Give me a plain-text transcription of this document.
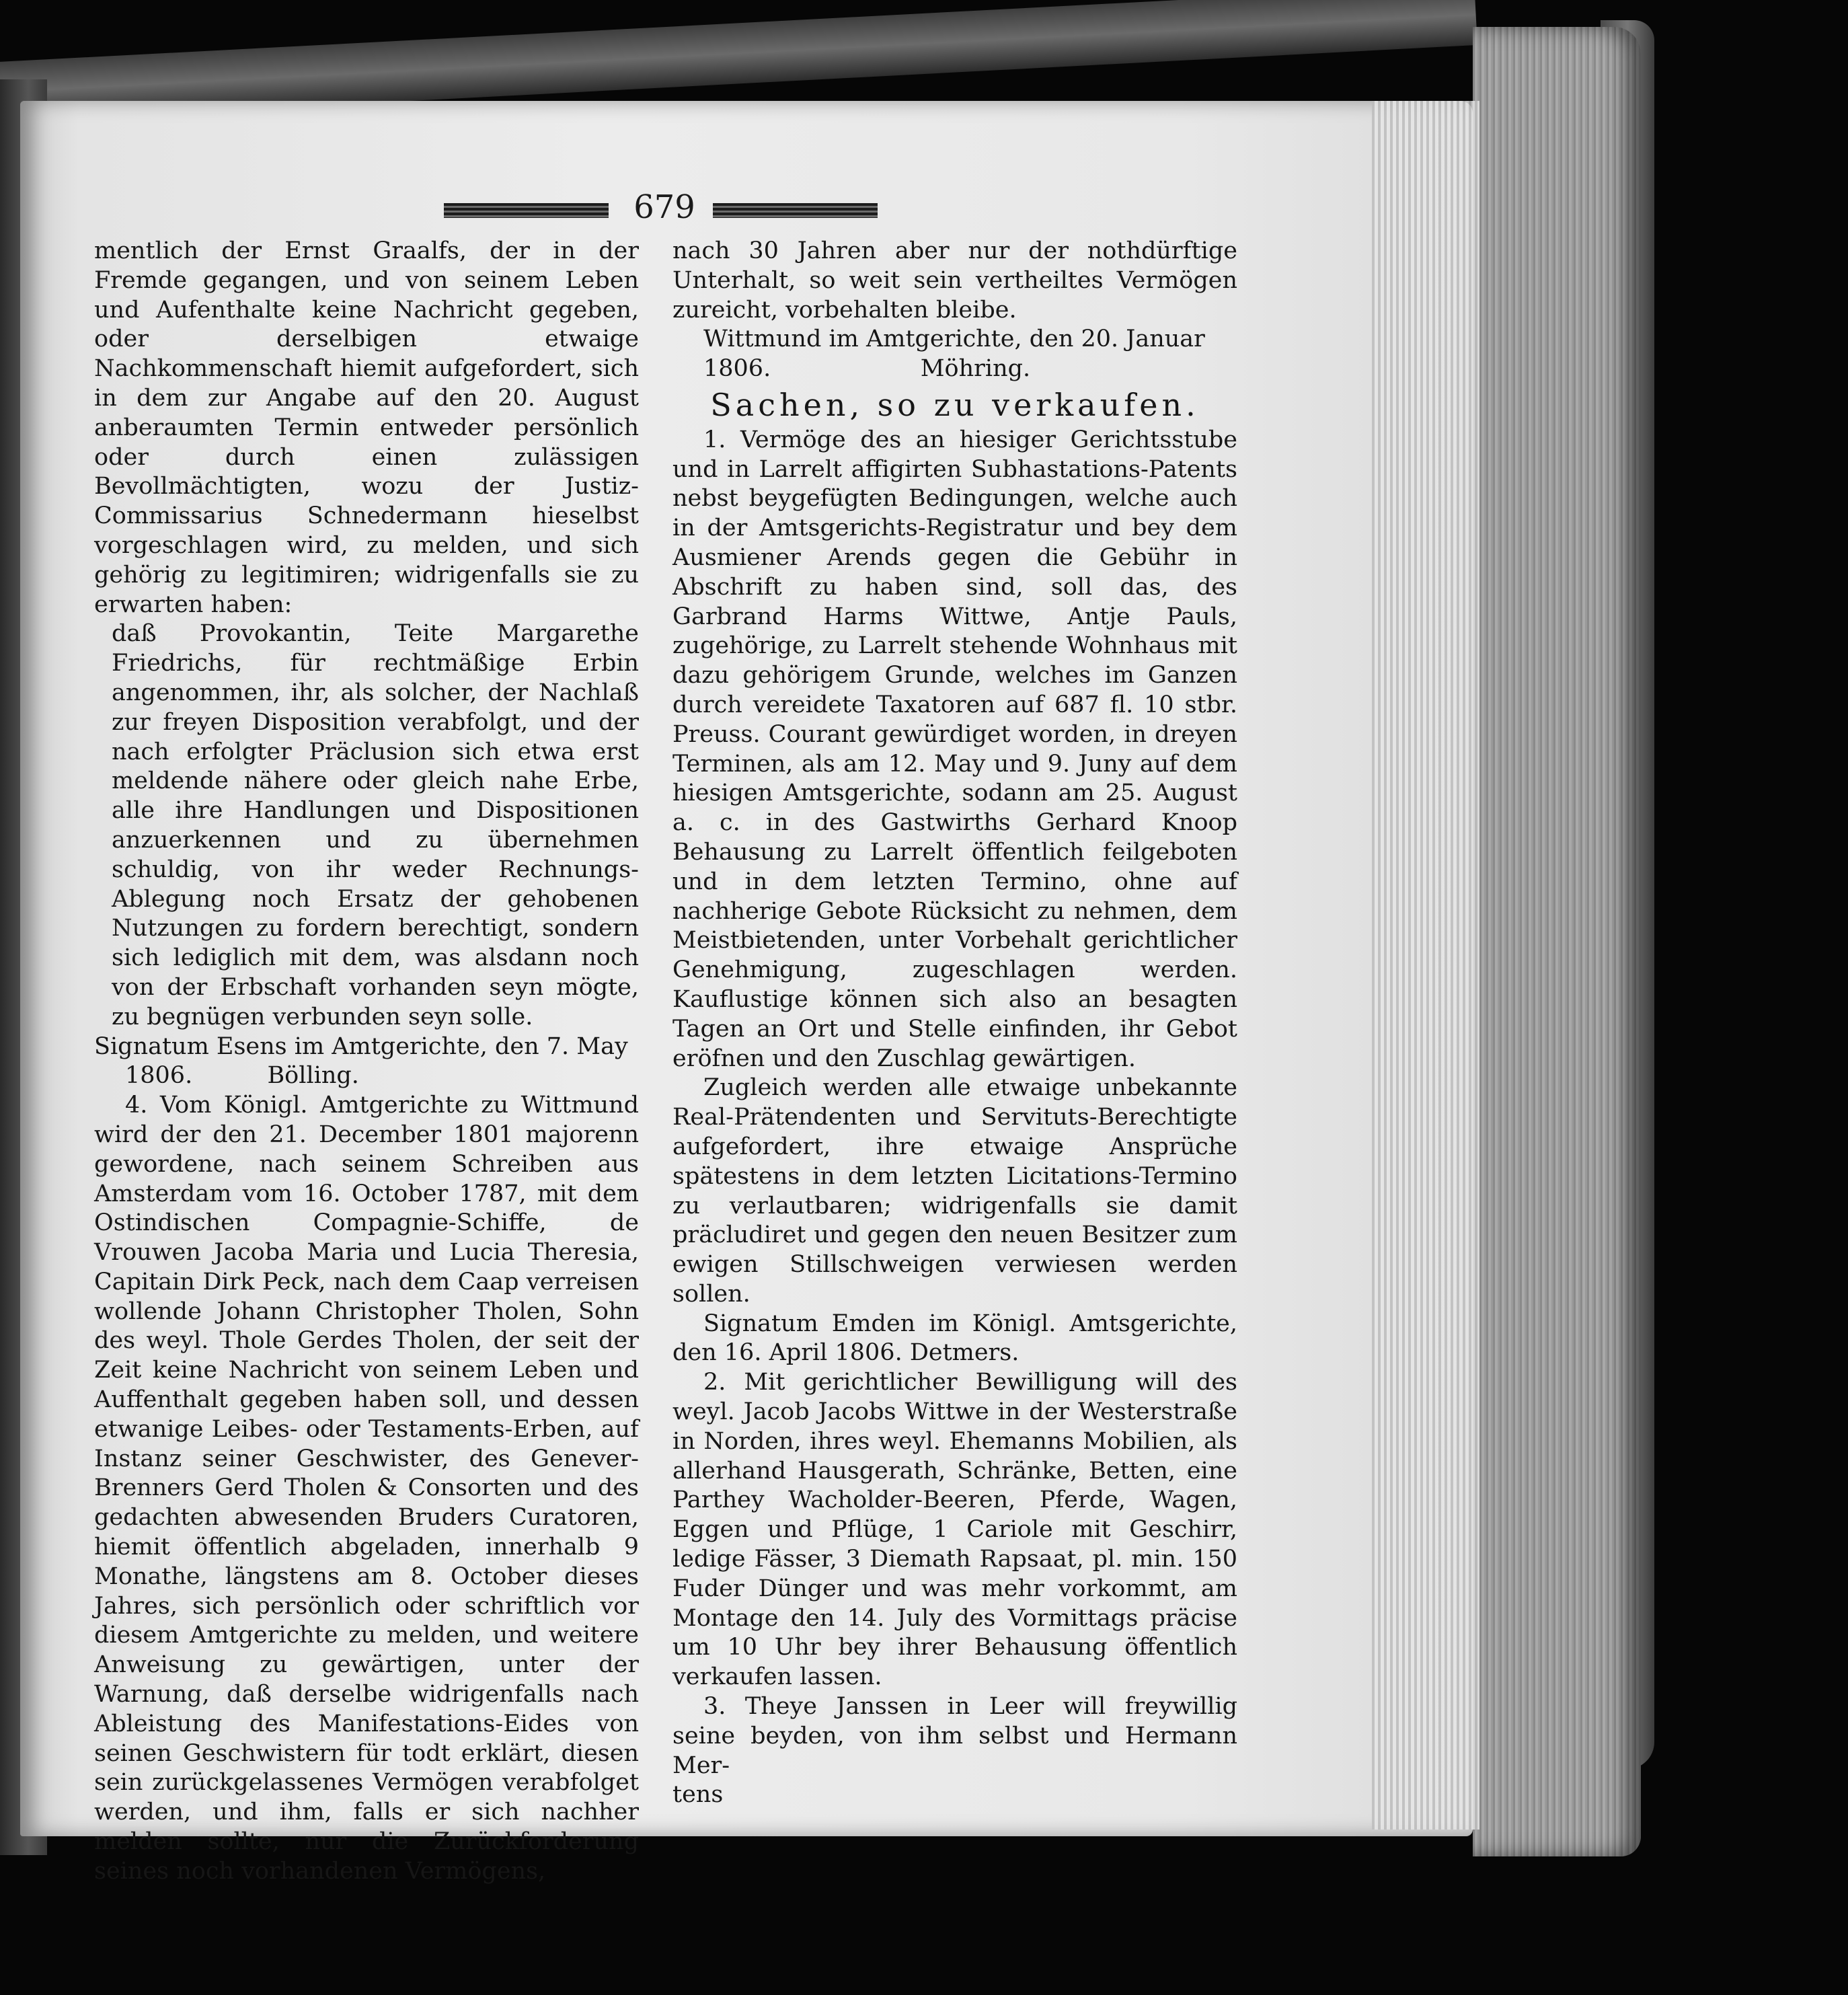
679

mentlich der Ernst Graalfs, der in der Fremde gegangen, und von seinem Leben und Aufenthalte keine Nachricht gegeben, oder derselbigen etwaige Nachkommenschaft hiemit aufgefordert, sich in dem zur Angabe auf den 20. August anberaumten Termin entweder persönlich oder durch einen zulässigen Bevollmächtigten, wozu der Justiz-Commissarius Schnedermann hieselbst vorgeschlagen wird, zu melden, und sich gehörig zu legitimiren; widrigenfalls sie zu erwarten haben:

daß Provokantin, Teite Margarethe Friedrichs, für rechtmäßige Erbin angenommen, ihr, als solcher, der Nachlaß zur freyen Disposition verabfolgt, und der nach erfolgter Präclusion sich etwa erst meldende nähere oder gleich nahe Erbe, alle ihre Handlungen und Dispositionen anzuerkennen und zu übernehmen schuldig, von ihr weder Rechnungs-Ablegung noch Ersatz der gehobenen Nutzungen zu fordern berechtigt, sondern sich lediglich mit dem, was alsdann noch von der Erbschaft vorhanden seyn mögte, zu begnügen verbunden seyn solle.

Signatum Esens im Amtgerichte, den 7. May

1806.          Bölling.

4. Vom Königl. Amtgerichte zu Wittmund wird der den 21. December 1801 majorenn gewordene, nach seinem Schreiben aus Amsterdam vom 16. October 1787, mit dem Ostindischen Compagnie-Schiffe, de Vrouwen Jacoba Maria und Lucia Theresia, Capitain Dirk Peck, nach dem Caap verreisen wollende Johann Christopher Tholen, Sohn des weyl. Thole Gerdes Tholen, der seit der Zeit keine Nachricht von seinem Leben und Auffenthalt gegeben haben soll, und dessen etwanige Leibes- oder Testaments-Erben, auf Instanz seiner Geschwister, des Genever-Brenners Gerd Tholen & Consorten und des gedachten abwesenden Bruders Curatoren, hiemit öffentlich abgeladen, innerhalb 9 Monathe, längstens am 8. October dieses Jahres, sich persönlich oder schriftlich vor diesem Amtgerichte zu melden, und weitere Anweisung zu gewärtigen, unter der Warnung, daß derselbe widrigenfalls nach Ableistung des Manifestations-Eides von seinen Geschwistern für todt erklärt, diesen sein zurückgelassenes Vermögen verabfolget werden, und ihm, falls er sich nachher melden sollte, nur die Zurückforderung seines noch vorhandenen Vermögens,

nach 30 Jahren aber nur der nothdürftige Unterhalt, so weit sein vertheiltes Vermögen zureicht, vorbehalten bleibe.

Wittmund im Amtgerichte, den 20. Januar

1806.                    Möhring.

Sachen, so zu verkaufen.

1. Vermöge des an hiesiger Gerichtsstube und in Larrelt affigirten Subhastations-Patents nebst beygefügten Bedingungen, welche auch in der Amtsgerichts-Registratur und bey dem Ausmiener Arends gegen die Gebühr in Abschrift zu haben sind, soll das, des Garbrand Harms Wittwe, Antje Pauls, zugehörige, zu Larrelt stehende Wohnhaus mit dazu gehörigem Grunde, welches im Ganzen durch vereidete Taxatoren auf 687 fl. 10 stbr. Preuss. Courant gewürdiget worden, in dreyen Terminen, als am 12. May und 9. Juny auf dem hiesigen Amtsgerichte, sodann am 25. August a. c. in des Gastwirths Gerhard Knoop Behausung zu Larrelt öffentlich feilgeboten und in dem letzten Termino, ohne auf nachherige Gebote Rücksicht zu nehmen, dem Meistbietenden, unter Vorbehalt gerichtlicher Genehmigung, zugeschlagen werden. Kauflustige können sich also an besagten Tagen an Ort und Stelle einfinden, ihr Gebot eröfnen und den Zuschlag gewärtigen.

Zugleich werden alle etwaige unbekannte Real-Prätendenten und Servituts-Berechtigte aufgefordert, ihre etwaige Ansprüche spätestens in dem letzten Licitations-Termino zu verlautbaren; widrigenfalls sie damit präcludiret und gegen den neuen Besitzer zum ewigen Stillschweigen verwiesen werden sollen.

Signatum Emden im Königl. Amtsgerichte, den 16. April 1806. Detmers.

2. Mit gerichtlicher Bewilligung will des weyl. Jacob Jacobs Wittwe in der Westerstraße in Norden, ihres weyl. Ehemanns Mobilien, als allerhand Hausgerath, Schränke, Betten, eine Parthey Wacholder-Beeren, Pferde, Wagen, Eggen und Pflüge, 1 Cariole mit Geschirr, ledige Fässer, 3 Diemath Rapsaat, pl. min. 150 Fuder Dünger und was mehr vorkommt, am Montage den 14. July des Vormittags präcise um 10 Uhr bey ihrer Behausung öffentlich verkaufen lassen.

3. Theye Janssen in Leer will freywillig seine beyden, von ihm selbst und Hermann Mer-

tens
